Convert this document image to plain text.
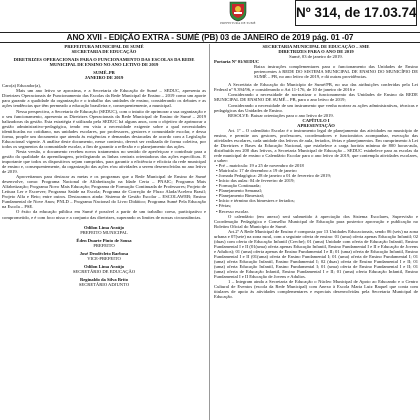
PREFEITURA DE SUMÉ
Nº 314, de 17.03.74
ANO XVII - EDIÇÃO EXTRA - SUMÉ (PB) 03 de JANEIRO de 2019 pág. 01 -07

PREFEITURA MUNICIPAL DE SUMÉ

SECRETARIA DE EDUCAÇÃO

DIRETRIZES OPERACIONAIS PARA O FUNCIONAMENTO DAS ESCOLAS DA REDE MUNICIPAL DE ENSINO NO ANO LETIVO DE 2019

SUMÉ–PB

JANEIRO DE 2019

Caro(a) Educador(a),

Mais um ano letivo se aproxima, e a Secretaria de Educação de Sumé – SEDUC, apresenta as Diretrizes Operacionais de Funcionamento das Escolas da Rede Municipal de Ensino – 2019 como um aporte para garantir a qualidade da organização e o trabalho das unidades de ensino, considerando os debates e as ações tendências que têm permeado a educação brasileira e, consequentemente, a municipal.

Nessa perspectiva, a Secretaria de Educação (SEDUC), com o intuito de aprimorar a sua organização e o seu funcionamento, apresenta as Diretrizes Operacionais da Rede Municipal de Ensino de Sumé – 2019 balizadoras da gestão. Esta estratégia é utilizada pela SEDUC há alguns anos, com o objetivo de aprimorar a gestão administrativo-pedagógica, tendo em vista a necessidade exigente sobre a qual necessidades identificadas no cotidiano, nas unidades escolares, por professores, gestores e comunidade escolar, e dessa forma, propõe um documento que atenda às exigências e demandas destacadas de acordo com a Legislação Educacional vigente. A análise deste documento, nesse contexto, deverá ser realizada de forma coletiva, por todos os segmentos da comunidade escolar, a fim de garantir a reflexão e o planejamento das ações.

Nesta versão, o documento recebeu novos tratamentos no sentido de aperfeiçoar e contribuir para a gestão da qualidade da aprendizagem, privilegiando as linhas centrais orientadoras das ações específicas. E importante que todos os dispositivos sejam cumpridos, para garantir a eficiência e eficácia da rede municipal de ensino e, consequentemente, da organização das ações e/ou atividades a serem desenvolvidas no ano letivo de 2019.

Aproveitamos para destacar as metas e os programas que a Rede Municipal de Ensino de Sumé desenvolve, como: Programa Nacional de Alfabetização na Idade Certa – PNAIC; Programa Mais Alfabetização; Programa Novo Mais Educação; Programa de Formação Continuada de Professores; Projeto de Leitura Ler e Escrever; Programa Saúde na Escola; Programa de Correção de Fluxo Alada/Acelera Brasil; Projeto Alfa e Beto; entre outros. Destacamos ainda: Sistema de Gestão Escolar – ESCOLAWEB; Ensino Fundamental de Nove Anos; PNLD – Programa Nacional do Livro Didático; Programa Sumé Pela Educação na Escola – PSE.

O êxito da educação pública em Sumé é possível a partir de um trabalho coeso, participativo e comprometido, e é com foco nisso e a conjunto das diretrizes, superando os limites de nossas circunstâncias.

Odilon Lima Araújo

PREFEITO MUNICIPAL

Éden Duarte Pinto de Sousa

PREFEITO

José Deodécleto Barbosa

VICE-PREFEITO

Odilon Lima Araújo

SECRETÁRIO DE EDUCAÇÃO

Reginaldo da Silva Brito

SECRETÁRIO ADJUNTO

SECRETARIA MUNICIPAL DE EDUCAÇÃO – SME

DIRETRIZES PARA O ANO DE 2019

Sumé, 03 de janeiro de 2019.

Portaria Nº 01/SEDUC

Baixa instruções complementares para o funcionamento das Unidades de Ensino pertencentes à REDE DO SISTEMA MUNICIPAL DE ENSINO DO MUNICÍPIO DE SUMÉ – PB, no ano letivo de 2019, e dá outras providências.

A Secretária de Educação do Município de Sumé/PB, no uso das atribuições conferidas pela Lei Federal nº 9.394/96, e considerando o Art 11-176, de 10 de janeiro de 2016 e

Considerando a necessidade de normatizar o funcionamento das Unidades de Ensino da REDE MUNICIPAL DE ENSINO DE SUMÉ – PB, para o ano letivo de 2019;

Considerando a necessidade de um instrumento que venha nortear as ações administrativas, técnicas e pedagógicas das Unidades de Ensino.

RESOLVE: Baixar orientações para o ano letivo de 2019.

CAPÍTULO I

APRESENTAÇÃO

Art. 1º – O calendário Escolar é o instrumento legal de planejamento das atividades no município de ensino, e permite aos gestores, professores, coordenadores e funcionários acompanhar, execução das atividades escolares, cada unidade das letivos de aula, feriados, férias e planejamentos. Em cumprimento à Lei de Diretrizes e Bases da Educação Nacional, que estabelece a carga horária mínima de 800 horas-aula, distribuída em 200 dias letivos, a Secretaria Municipal de Educação – SEDUC estabelece para as escolas da rede municipal de ensino o Calendário Escolar para o ano letivo de 2019, que contempla atividades escolares, a saber:

• Pré – matrícula: 19 a 25 de novembro de 2018

• Matrícula: 17 de dezembro a 19 de janeiro

• Jornada Pedagógica: 28 de janeiro a 01 de fevereiro de 2019;

• Início das aulas: 04 de fevereiro de 2019;

• Formação Continuada;

• Planejamento Semanal;

• Planejamento Bimestral;

• Início e término dos bimestres e feriados;

• Férias;

• Recesso escolar.

O calendário (em anexo) será submetido à apreciação dos Sistema Escolares, Supervisão e Coordenação Pedagógica e Conselho Municipal de Educação para posterior aprovação e publicação no Boletim Oficial do Município de Sumé.

Art.2º A Rede Municipal de Ensino é composta por 13 Unidades Educacionais, sendo 06 (seis) na zona urbana e 07(sete) na zona rural, com a seguinte oferta de ensino: 01 (uma) oferta apenas Educação Infantil; 02 (duas) com oferta de Educação Infantil (Creche); 01 (uma) Unidade com oferta de Educação Infantil, Ensino Fundamental I e II (01(uma) oferta apenas Educação Infantil, Ensino Fundamental I e II e Educação de Jovens e Adultos); 01 (uma) oferta apenas de Ensino Fundamental I e II; 01 (uma) oferta de Educação Infantil, Ensino Fundamental I e II (01(uma) oferta de Ensino Fundamental I; 01 (uma) oferta de Ensino Fundamental I; 01 (uma) oferta Educação Infantil, Ensino Fundamental I; 02 (duas) oferta de Ensino Fundamental I e II; 01 (uma) oferta Educação Infantil, Ensino Fundamental I; 01 (uma) oferta de Ensino Fundamental I e II; 01 (uma) oferta de Educação Infantil, Ensino Fundamental I e II; 01 (uma) oferta Educação Infantil, Ensino Fundamental I e II Educação de Jovens e Adultos.

1 – Integram ainda a Secretaria de Educação o Núcleo Municipal de Apoio ao Educando e o Centro Cultural de Eventos (escola da Rede Municipal) com Anexo à Escola Maria Luiz Raquel que conta com titulares de apoio às atividades complementares e especiais desenvolvidas pela Secretaria Municipal de Educação.
